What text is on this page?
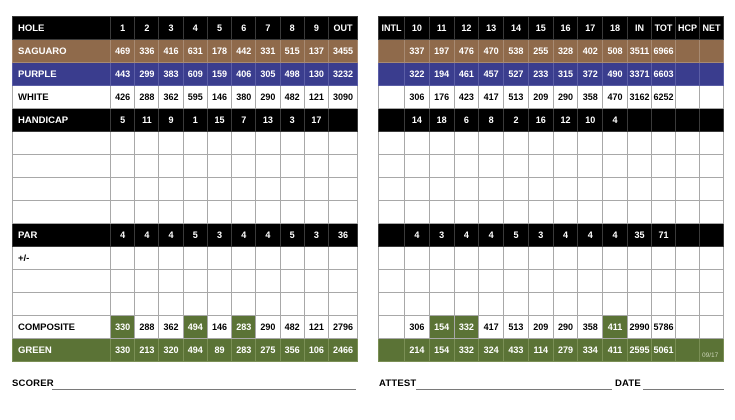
HOLE	1	2	3	4	5	6	7	8	9	OUT
SAGUARO	469	336	416	631	178	442	331	515	137	3455
PURPLE	443	299	383	609	159	406	305	498	130	3232
WHITE	426	288	362	595	146	380	290	482	121	3090
HANDICAP	5	11	9	1	15	7	13	3	17	

PAR	4	4	4	5	3	4	4	5	3	36
+/-										

COMPOSITE	330	288	362	494	146	283	290	482	121	2796
GREEN	330	213	320	494	89	283	275	356	106	2466
INTL	10	11	12	13	14	15	16	17	18	IN	TOT	HCP	NET
	337	197	476	470	538	255	328	402	508	3511	6966		
	322	194	461	457	527	233	315	372	490	3371	6603		
	306	176	423	417	513	209	290	358	470	3162	6252		
	14	18	6	8	2	16	12	10	4				

	4	3	4	4	5	3	4	4	4	35	71		

	306	154	332	417	513	209	290	358	411	2990	5786		
	214	154	332	324	433	114	279	334	411	2595	5061		
09/17
SCORER	ATTEST	DATE
